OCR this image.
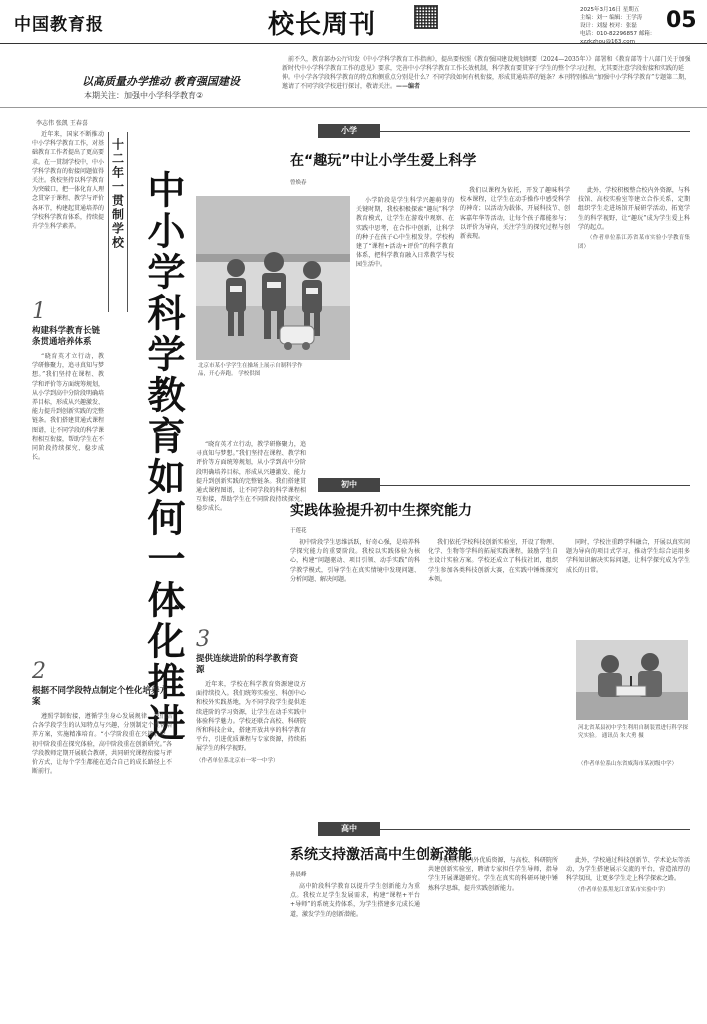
中国教育报	校长周刊	2025年3月16日 星期五
主编：刘一 编辑：王学涛
设计：刘磊 校对：张磊
电话：010-82296857 邮箱：xzzkzhou@163.com
05
以高质量办学推动 教育强国建设
本期关注：加强中小学科学教育②
前不久，教育部办公厅印发《中小学科学教育工作指南》，提出要按照《教育强国建设规划纲要（2024—2035年）》部署和《教育部等十八部门关于加强新时代中小学科学教育工作的意见》要求，完善中小学科学教育工作长效机制，科学教育要贯穿于学生的整个学习过程，尤其要注意学段衔接和实践的延伸。中小学各学段科学教育的特点和侧重点分别是什么？不同学段如何有机衔接，形成贯通培养的链条？本刊特别推出“加强中小学科学教育”专题第二期，邀请了不同学段学校进行探讨，敬请关注。——编者
李志伟 张凯 王春喜
近年来，国家不断推动中小学科学教育工作，对基础教育工作者提出了更高要求。在一贯制学校中，中小学科学教育的衔接问题值得关注。我校坚持以科学教育为突破口，把一体化育人理念贯穿于课程、教学与评价各环节，构建起贯通培养的学校科学教育体系，持续提升学生科学素养。	十二年一贯制学校 中小学科学教育如何一体化推进
1
构建科学教育长链条贯通培养体系
“晓育英才立行动，教学研修聚力，追寻真知与梦想。”我们坚持在课程、教学和评价等方面统筹规划，从小学到高中分阶段明确培养目标，形成从兴趣激发、能力提升到创新实践的完整链条。我们搭建贯通式课程图谱，让不同学段的科学课程相互衔接，帮助学生在不同阶段持续探究、稳步成长。
2
根据不同学段特点制定个性化培养方案
遵照学制衔接，遵循学生身心发展规律，我们结合各学段学生的认知特点与兴趣，分别制定个性化培养方案，实施精准培育。“小学阶段重在兴趣启蒙，初中阶段重在探究体验，高中阶段重在创新研究。”各学段教师定期开展联合教研，共同研究课程衔接与评价方式，让每个学生都能在适合自己的成长路径上不断前行。
3
提供连续进阶的科学教育资源
近年来，学校在科学教育资源建设方面持续投入。我们统筹实验室、科创中心和校外实践基地，为不同学段学生提供连续进阶的学习资源，让学生在动手实践中体验科学魅力。学校还联合高校、科研院所和科技企业，搭建开放共享的科学教育平台，引进优质课程与专家资源，持续拓展学生的科学视野。
（作者单位系北京市一零一中学）
“晓育英才立行动，教学研修聚力，追寻真知与梦想。”我们坚持在课程、教学和评价等方面统筹规划，从小学到高中分阶段明确培养目标，形成从兴趣激发、能力提升到创新实践的完整链条。我们搭建贯通式课程图谱，让不同学段的科学课程相互衔接，帮助学生在不同阶段持续探究、稳步成长。
小学
在“趣玩”中让小学生爱上科学
曾焕春
北京市某小学学生在操场上展示自制科学作品，开心奔跑。 学校供图
小学阶段是学生科学兴趣萌芽的关键时期，我校积极探索“趣玩”科学教育模式，让学生在游戏中观察、在实践中思考，在合作中创新，让科学的种子在孩子心中生根发芽。学校构建了“课程+活动+评价”的科学教育体系，把科学教育融入日常教学与校园生活中。
我们以课程为依托，开发了趣味科学校本课程，让学生在动手操作中感受科学的神奇；以活动为载体，开展科技节、创客嘉年华等活动，让每个孩子都能参与；以评价为导向，关注学生的探究过程与创新表现。
此外，学校积极整合校内外资源，与科技馆、高校实验室等建立合作关系，定期组织学生走进场馆开展研学活动，拓宽学生的科学视野，让“趣玩”成为学生爱上科学的起点。
（作者单位系江苏省某市实验小学教育集团）
初中
实践体验提升初中生探究能力
于莲花
初中阶段学生思维活跃，好奇心强，是培养科学探究能力的重要阶段。我校以实践体验为核心，构建“问题驱动、项目引领、动手实践”的科学教学模式，引导学生在真实情境中发现问题、分析问题、解决问题。
我们依托学校科技创新实验室，开设了物理、化学、生物等学科的拓展实践课程，鼓励学生自主设计实验方案。学校还成立了科技社团，组织学生参加各类科技创新大赛，在实践中锤炼探究本领。
同时，学校注重跨学科融合，开展以真实问题为导向的项目式学习，推动学生综合运用多学科知识解决实际问题，让科学探究成为学生成长的日常。
河北省某县初中学生利用自制装置进行科学探究实验。 通讯员 朱大勇 摄
（作者单位系山东省威海市某初级中学）
高中
系统支持激活高中生创新潜能
孙晨峰
高中阶段科学教育以提升学生创新能力为重点。我校立足学生发展需求，构建“课程+平台+导师”的系统支持体系，为学生搭建多元成长通道，激发学生的创新潜能。
学校整合校内外优质资源，与高校、科研院所共建创新实验室，聘请专家担任学生导师，指导学生开展课题研究。学生在真实的科研环境中锤炼科学思维，提升实践创新能力。
此外，学校通过科技创新节、学术论坛等活动，为学生搭建展示交流的平台，营造浓厚的科学氛围，让更多学生走上科学探索之路。
（作者单位系黑龙江省某市实验中学）
